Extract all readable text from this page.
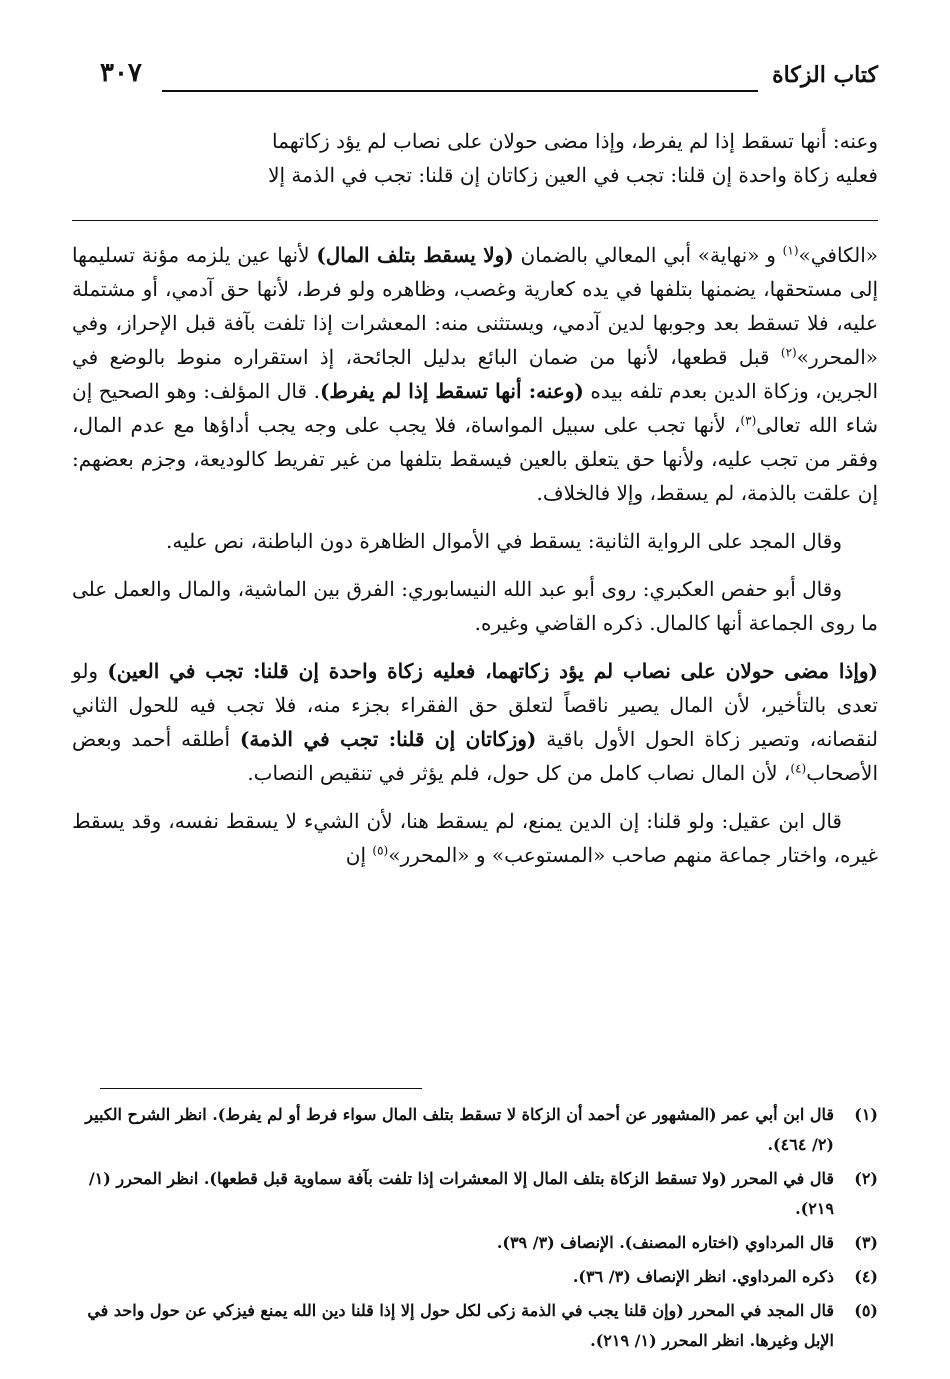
كتاب الزكاة
٣٠٧
وعنه: أنها تسقط إذا لم يفرط، وإذا مضى حولان على نصاب لم يؤد زكاتهما
فعليه زكاة واحدة إن قلنا: تجب في العين زكاتان إن قلنا: تجب في الذمة إلا

«الكافي»$^{(١)}$ و «نهاية» أبي المعالي بالضمان (ولا يسقط بتلف المال) لأنها عين يلزمه مؤنة تسليمها إلى مستحقها، يضمنها بتلفها في يده كعارية وغصب، وظاهره ولو فرط، لأنها حق آدمي، أو مشتملة عليه، فلا تسقط بعد وجوبها لدين آدمي، ويستثنى منه: المعشرات إذا تلفت بآفة قبل الإحراز، وفي «المحرر»$^{(٢)}$ قبل قطعها، لأنها من ضمان البائع بدليل الجائحة، إذ استقراره منوط بالوضع في الجرين، وزكاة الدين بعدم تلفه بيده (وعنه: أنها تسقط إذا لم يفرط). قال المؤلف: وهو الصحيح إن شاء الله تعالى$^{(٣)}$، لأنها تجب على سبيل المواساة، فلا يجب على وجه يجب أداؤها مع عدم المال، وفقر من تجب عليه، ولأنها حق يتعلق بالعين فيسقط بتلفها من غير تفريط كالوديعة، وجزم بعضهم: إن علقت بالذمة، لم يسقط، وإلا فالخلاف.

وقال المجد على الرواية الثانية: يسقط في الأموال الظاهرة دون الباطنة، نص عليه.

وقال أبو حفص العكبري: روى أبو عبد الله النيسابوري: الفرق بين الماشية، والمال والعمل على ما روى الجماعة أنها كالمال. ذكره القاضي وغيره.

(وإذا مضى حولان على نصاب لم يؤد زكاتهما، فعليه زكاة واحدة إن قلنا: تجب في العين) ولو تعدى بالتأخير، لأن المال يصير ناقصاً لتعلق حق الفقراء بجزء منه، فلا تجب فيه للحول الثاني لنقصانه، وتصير زكاة الحول الأول باقية (وزكاتان إن قلنا: تجب في الذمة) أطلقه أحمد وبعض الأصحاب$^{(٤)}$، لأن المال نصاب كامل من كل حول، فلم يؤثر في تنقيص النصاب.

قال ابن عقيل: ولو قلنا: إن الدين يمنع، لم يسقط هنا، لأن الشيء لا يسقط نفسه، وقد يسقط غيره، واختار جماعة منهم صاحب «المستوعب» و «المحرر»$^{(٥)}$ إن

(١)
قال ابن أبي عمر (المشهور عن أحمد أن الزكاة لا تسقط بتلف المال سواء فرط أو لم يفرط). انظر الشرح الكبير (٢/ ٤٦٤).
(٢)
قال في المحرر (ولا تسقط الزكاة بتلف المال إلا المعشرات إذا تلفت بآفة سماوية قبل قطعها). انظر المحرر (١/ ٢١٩).
(٣)
قال المرداوي (اختاره المصنف). الإنصاف (٣/ ٣٩).
(٤)
ذكره المرداوي. انظر الإنصاف (٣/ ٣٦).
(٥)
قال المجد في المحرر (وإن قلنا يجب في الذمة زكى لكل حول إلا إذا قلنا دين الله يمنع فيزكي عن حول واحد في الإبل وغيرها. انظر المحرر (١/ ٢١٩).
